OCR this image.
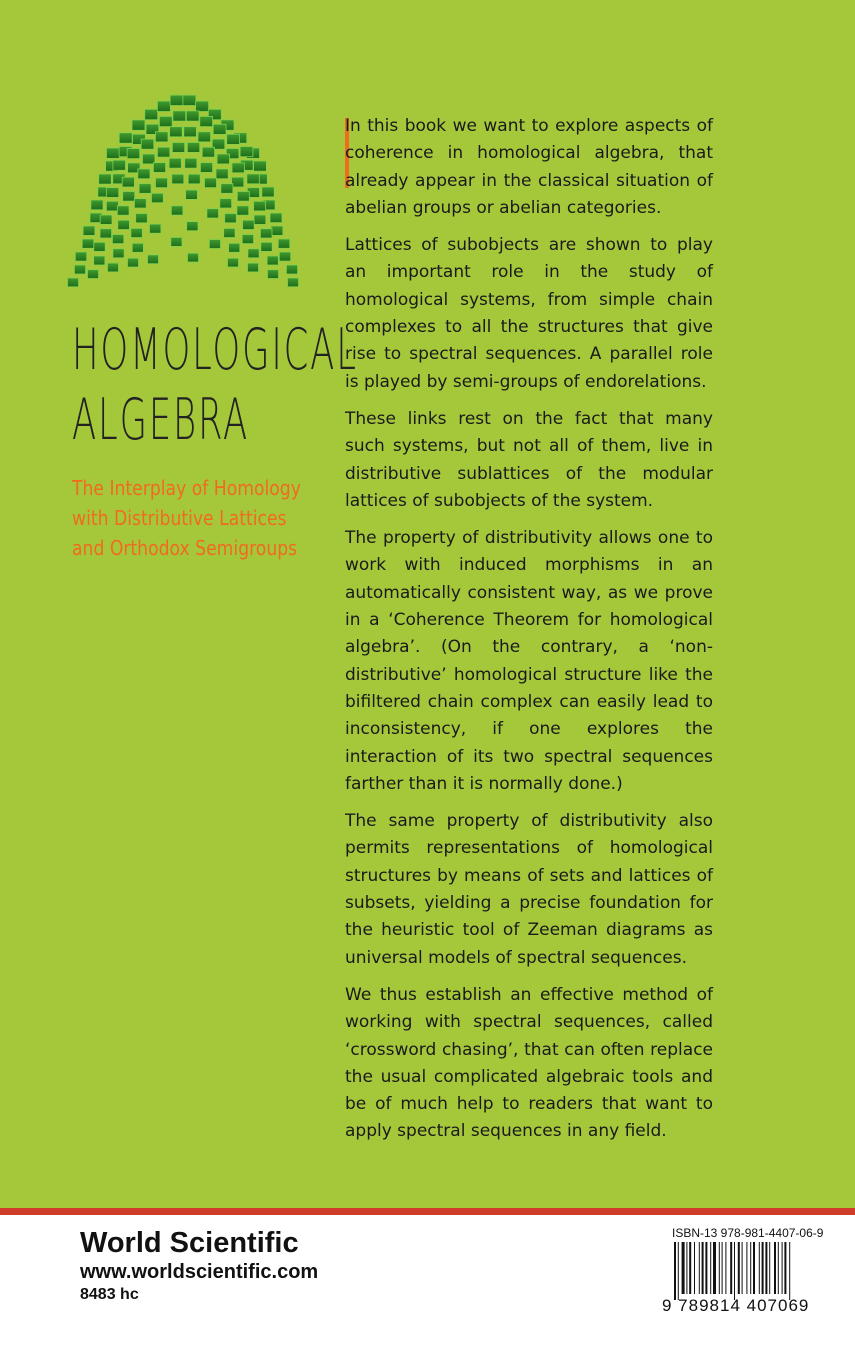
HOMOLOGICAL
ALGEBRA
The Interplay of Homology
with Distributive Lattices
and Orthodox Semigroups

In this book we want to explore aspects of coherence in homological algebra, that already appear in the classical situation of abelian groups or abelian categories.

Lattices of subobjects are shown to play an important role in the study of homological systems, from simple chain complexes to all the structures that give rise to spectral sequences. A parallel role is played by semi-groups of endorelations.

These links rest on the fact that many such systems, but not all of them, live in distributive sublattices of the modular lattices of subobjects of the system.

The property of distributivity allows one to work with induced morphisms in an automatically consistent way, as we prove in a ‘Coherence Theorem for homological algebra’. (On the contrary, a ‘non-distributive’ homological structure like the bifiltered chain complex can easily lead to inconsistency, if one explores the interaction of its two spectral sequences farther than it is normally done.)

The same property of distributivity also permits representations of homological structures by means of sets and lattices of subsets, yielding a precise foundation for the heuristic tool of Zeeman diagrams as universal models of spectral sequences.

We thus establish an effective method of working with spectral sequences, called ‘crossword chasing’, that can often replace the usual complicated algebraic tools and be of much help to readers that want to apply spectral sequences in any field.

World Scientific
www.worldscientific.com
8483 hc
ISBN-13 978-981-4407-06-9
9 789814 407069
